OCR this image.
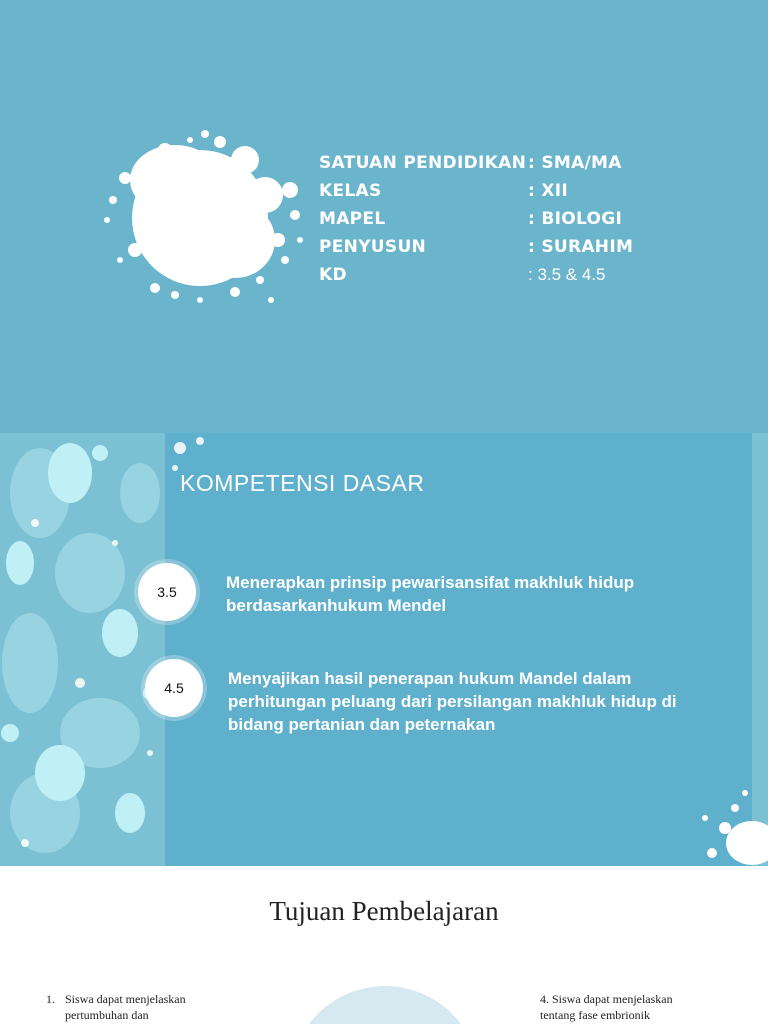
SATUAN PENDIDIKAN : SMA/MA
KELAS	: XII
MAPEL	: BIOLOGI
PENYUSUN	: SURAHIM
KD	: 3.5 & 4.5
KOMPETENSI DASAR
3.5	Menerapkan prinsip pewarisansifat makhluk hidup berdasarkanhukum Mendel
4.5	Menyajikan hasil penerapan hukum Mandel dalam perhitungan peluang dari persilangan makhluk hidup di bidang pertanian dan peternakan
Tujuan Pembelajaran
1. Siswa dapat menjelaskan
pertumbuhan dan
4. Siswa dapat menjelaskan
tentang fase embrionik
